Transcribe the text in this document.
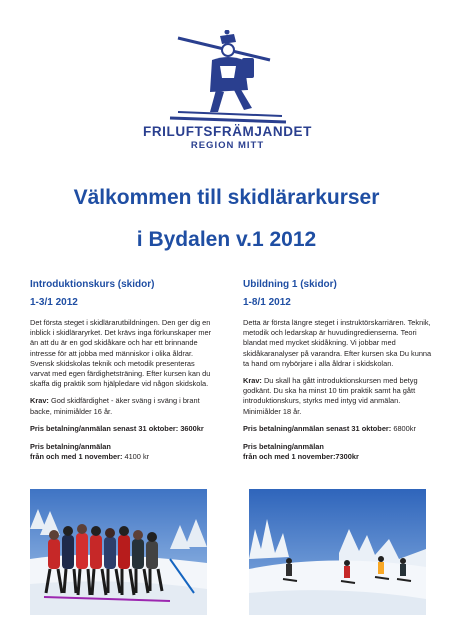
FRILUFTSFRÄMJANDET
REGION MITT
Välkommen till skidlärarkurser
i Bydalen v.1 2012
Introduktionskurs (skidor)
1-3/1 2012

Det första steget i skidlärarutbildningen. Den ger dig en inblick i skidläraryrket. Det krävs inga förkunskaper mer än att du är en god skidåkare och har ett brinnande intresse för att jobba med människor i olika åldrar. Svensk skidskolas teknik och metodik presenteras varvat med egen färdighetsträning. Efter kursen kan du skaffa dig praktik som hjälpledare vid någon skidskola.

Krav: God skidfärdighet - äker sväng i sväng i brant backe, minimiålder 16 år.

Pris betalning/anmälan senast 31 oktober: 3600kr

Pris betalning/anmälan
från och med 1 november: 4100 kr

Ubildning 1 (skidor)
1-8/1 2012

Detta är första längre steget i instruktörskarriären. Teknik, metodik och ledarskap är huvudingredienserna. Teori blandat med mycket skidåkning. Vi jobbar med skidåkaranalyser på varandra. Efter kursen ska Du kunna ta hand om nybörjare i alla åldrar i skidskolan.

Krav: Du skall ha gått introduktionskursen med betyg godkänt. Du ska ha minst 10 tim praktik samt ha gått introduktionskurs, styrks med intyg vid anmälan. Minimiålder 18 år.

Pris betalning/anmälan senast 31 oktober: 6800kr

Pris betalning/anmälan
från och med 1 november:7300kr
